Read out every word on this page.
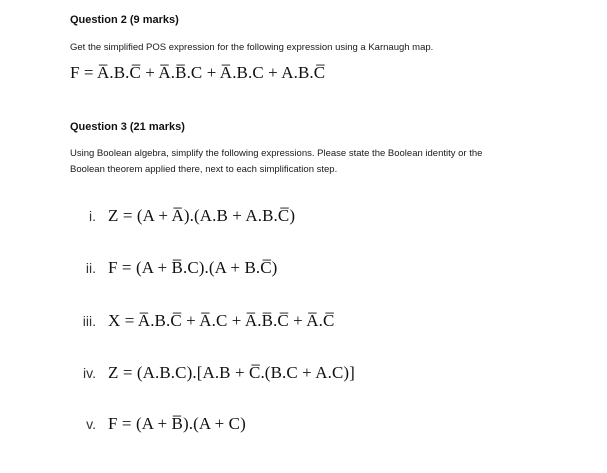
Question 2 (9 marks)
Get the simplified POS expression for the following expression using a Karnaugh map.
F = A̅.B.C̅ + A̅.B̅.C + A̅.B.C + A.B.C̅
Question 3 (21 marks)
Using Boolean algebra, simplify the following expressions. Please state the Boolean identity or the
Boolean theorem applied there, next to each simplification step.
i. Z = (A + A̅).(A.B + A.B.C̅)
ii. F = (A + B̅.C).(A + B.C̅)
iii. X = A̅.B.C̅ + A̅.C + A̅.B̅.C̅ + A̅.C̅
iv. Z = (A.B.C).[A.B + C̅.(B.C + A.C)]
v. F = (A + B̅).(A + C)
